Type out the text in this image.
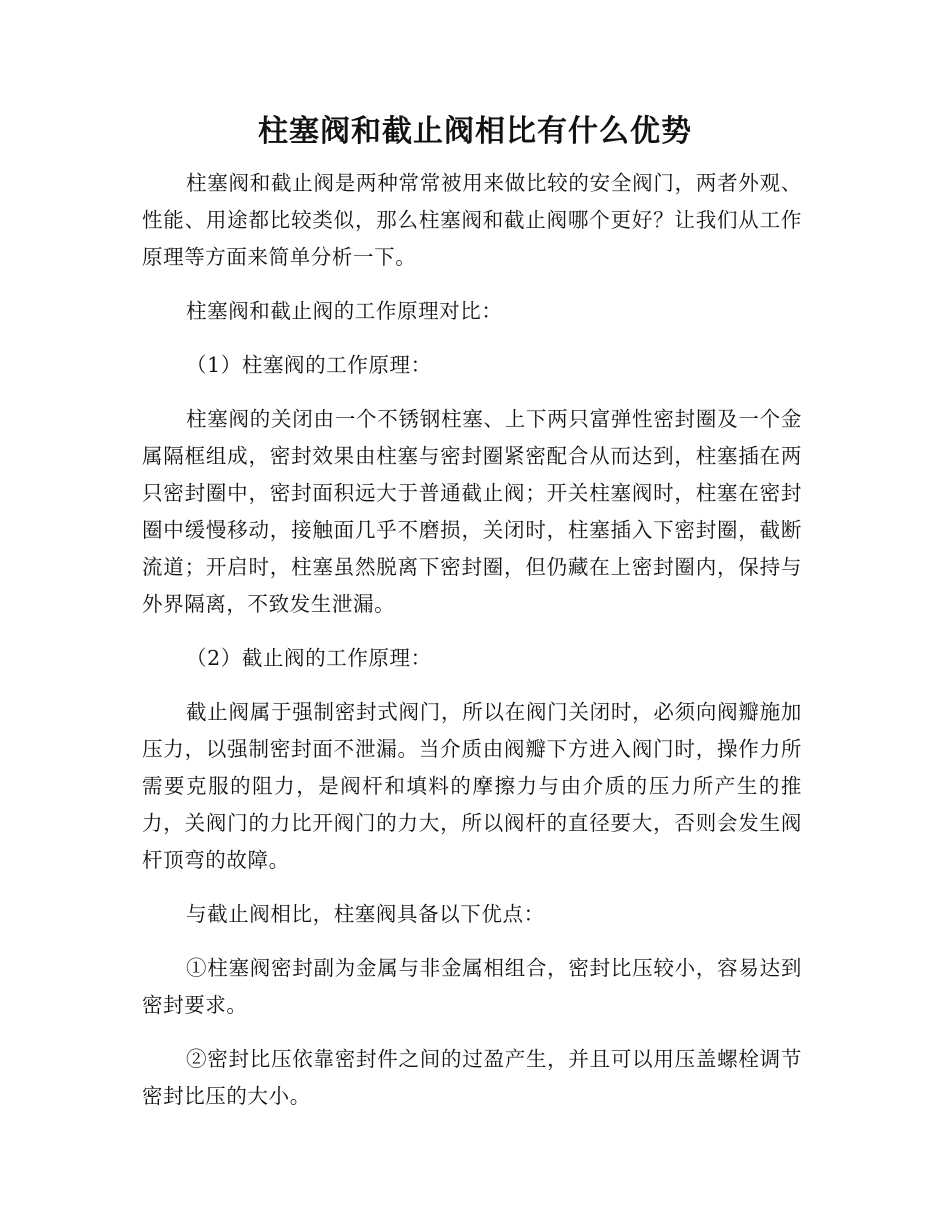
柱塞阀和截止阀相比有什么优势

柱塞阀和截止阀是两种常常被用来做比较的安全阀门，两者外观、性能、用途都比较类似，那么柱塞阀和截止阀哪个更好？让我们从工作原理等方面来简单分析一下。

柱塞阀和截止阀的工作原理对比：

（1）柱塞阀的工作原理：

柱塞阀的关闭由一个不锈钢柱塞、上下两只富弹性密封圈及一个金属隔框组成，密封效果由柱塞与密封圈紧密配合从而达到，柱塞插在两只密封圈中，密封面积远大于普通截止阀；开关柱塞阀时，柱塞在密封圈中缓慢移动，接触面几乎不磨损，关闭时，柱塞插入下密封圈，截断流道；开启时，柱塞虽然脱离下密封圈，但仍藏在上密封圈内，保持与外界隔离，不致发生泄漏。

（2）截止阀的工作原理：

截止阀属于强制密封式阀门，所以在阀门关闭时，必须向阀瓣施加压力，以强制密封面不泄漏。当介质由阀瓣下方进入阀门时，操作力所需要克服的阻力，是阀杆和填料的摩擦力与由介质的压力所产生的推力，关阀门的力比开阀门的力大，所以阀杆的直径要大，否则会发生阀杆顶弯的故障。

与截止阀相比，柱塞阀具备以下优点：

①柱塞阀密封副为金属与非金属相组合，密封比压较小，容易达到密封要求。

②密封比压依靠密封件之间的过盈产生，并且可以用压盖螺栓调节密封比压的大小。
